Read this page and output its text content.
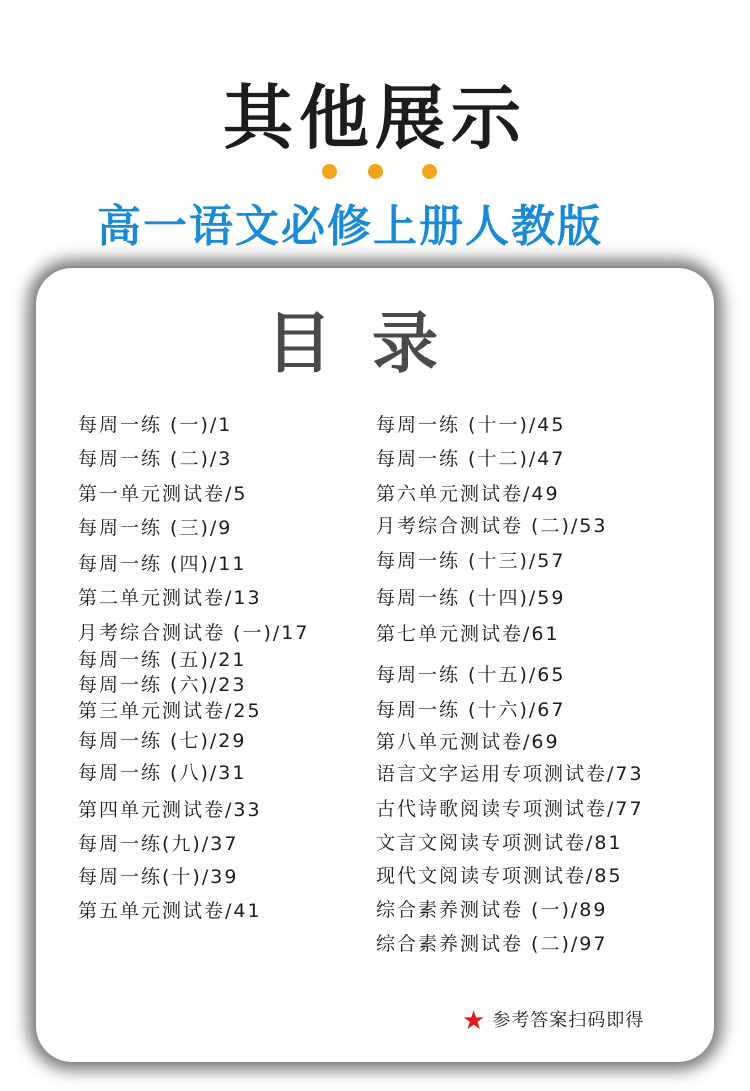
其他展示
高一语文必修上册人教版
目录
每周一练 (一)/1
每周一练 (二)/3
第一单元测试卷/5
每周一练 (三)/9
每周一练 (四)/11
第二单元测试卷/13
月考综合测试卷 (一)/17
每周一练 (五)/21
每周一练 (六)/23
第三单元测试卷/25
每周一练 (七)/29
每周一练 (八)/31
第四单元测试卷/33
每周一练(九)/37
每周一练(十)/39
第五单元测试卷/41
每周一练 (十一)/45
每周一练 (十二)/47
第六单元测试卷/49
月考综合测试卷 (二)/53
每周一练 (十三)/57
每周一练 (十四)/59
第七单元测试卷/61
每周一练 (十五)/65
每周一练 (十六)/67
第八单元测试卷/69
语言文字运用专项测试卷/73
古代诗歌阅读专项测试卷/77
文言文阅读专项测试卷/81
现代文阅读专项测试卷/85
综合素养测试卷 (一)/89
综合素养测试卷 (二)/97
★ 参考答案扫码即得
